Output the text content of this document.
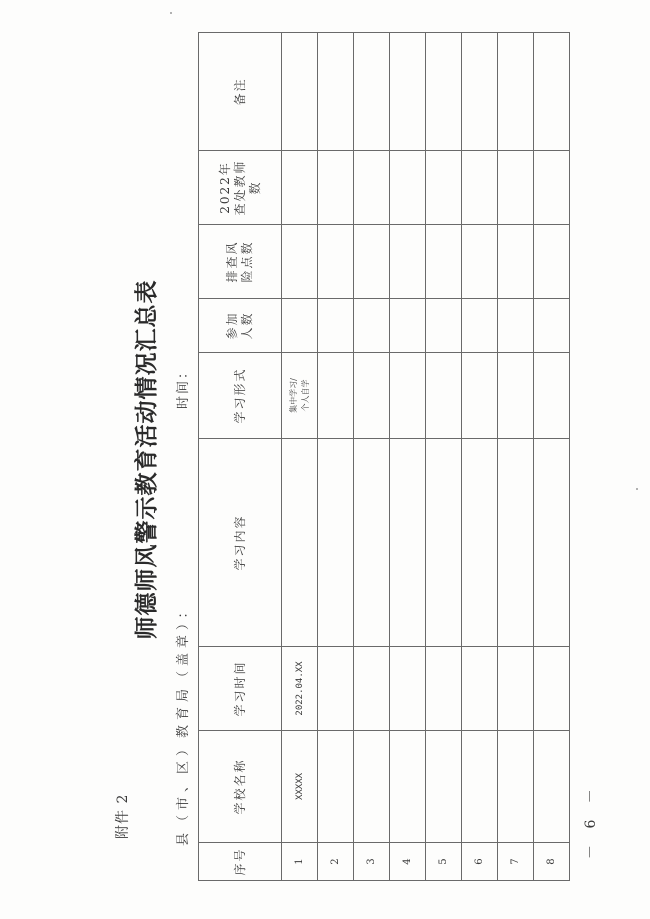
附件 2
师德师风警示教育活动情况汇总表
县（市、区）教育局（盖章）：
时间：
序号	学校名称	学习时间	学习内容	学习形式	参加人数	排查风险点数	2022年查处教师数	备注
1	XXXXX	2022.04.XX		集中学习/ 个人自学				

2								
3								
4								
5								
6								
7								
8								
－ 6 －
